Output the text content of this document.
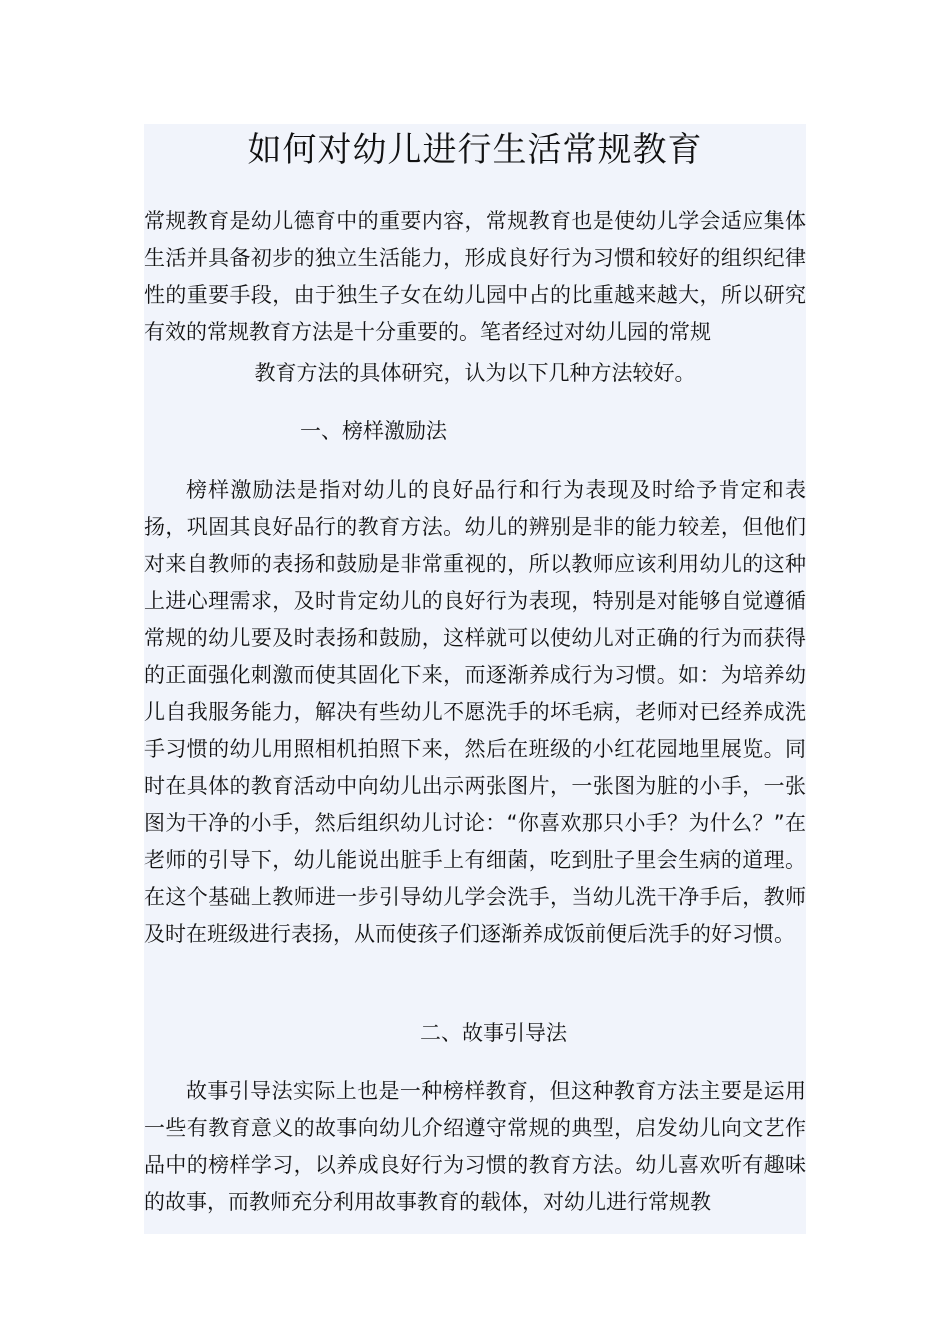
如何对幼儿进行生活常规教育

常规教育是幼儿德育中的重要内容，常规教育也是使幼儿学会适应集体生活并具备初步的独立生活能力，形成良好行为习惯和较好的组织纪律性的重要手段，由于独生子女在幼儿园中占的比重越来越大，所以研究有效的常规教育方法是十分重要的。笔者经过对幼儿园的常规

教育方法的具体研究，认为以下几种方法较好。

一、榜样激励法

榜样激励法是指对幼儿的良好品行和行为表现及时给予肯定和表扬，巩固其良好品行的教育方法。幼儿的辨别是非的能力较差，但他们对来自教师的表扬和鼓励是非常重视的，所以教师应该利用幼儿的这种上进心理需求，及时肯定幼儿的良好行为表现，特别是对能够自觉遵循常规的幼儿要及时表扬和鼓励，这样就可以使幼儿对正确的行为而获得的正面强化刺激而使其固化下来，而逐渐养成行为习惯。如：为培养幼儿自我服务能力，解决有些幼儿不愿洗手的坏毛病，老师对已经养成洗手习惯的幼儿用照相机拍照下来，然后在班级的小红花园地里展览。同时在具体的教育活动中向幼儿出示两张图片，一张图为脏的小手，一张图为干净的小手，然后组织幼儿讨论：“你喜欢那只小手？为什么？”在老师的引导下，幼儿能说出脏手上有细菌，吃到肚子里会生病的道理。在这个基础上教师进一步引导幼儿学会洗手，当幼儿洗干净手后，教师及时在班级进行表扬，从而使孩子们逐渐养成饭前便后洗手的好习惯。

二、故事引导法

故事引导法实际上也是一种榜样教育，但这种教育方法主要是运用一些有教育意义的故事向幼儿介绍遵守常规的典型，启发幼儿向文艺作品中的榜样学习，以养成良好行为习惯的教育方法。幼儿喜欢听有趣味的故事，而教师充分利用故事教育的载体，对幼儿进行常规教
